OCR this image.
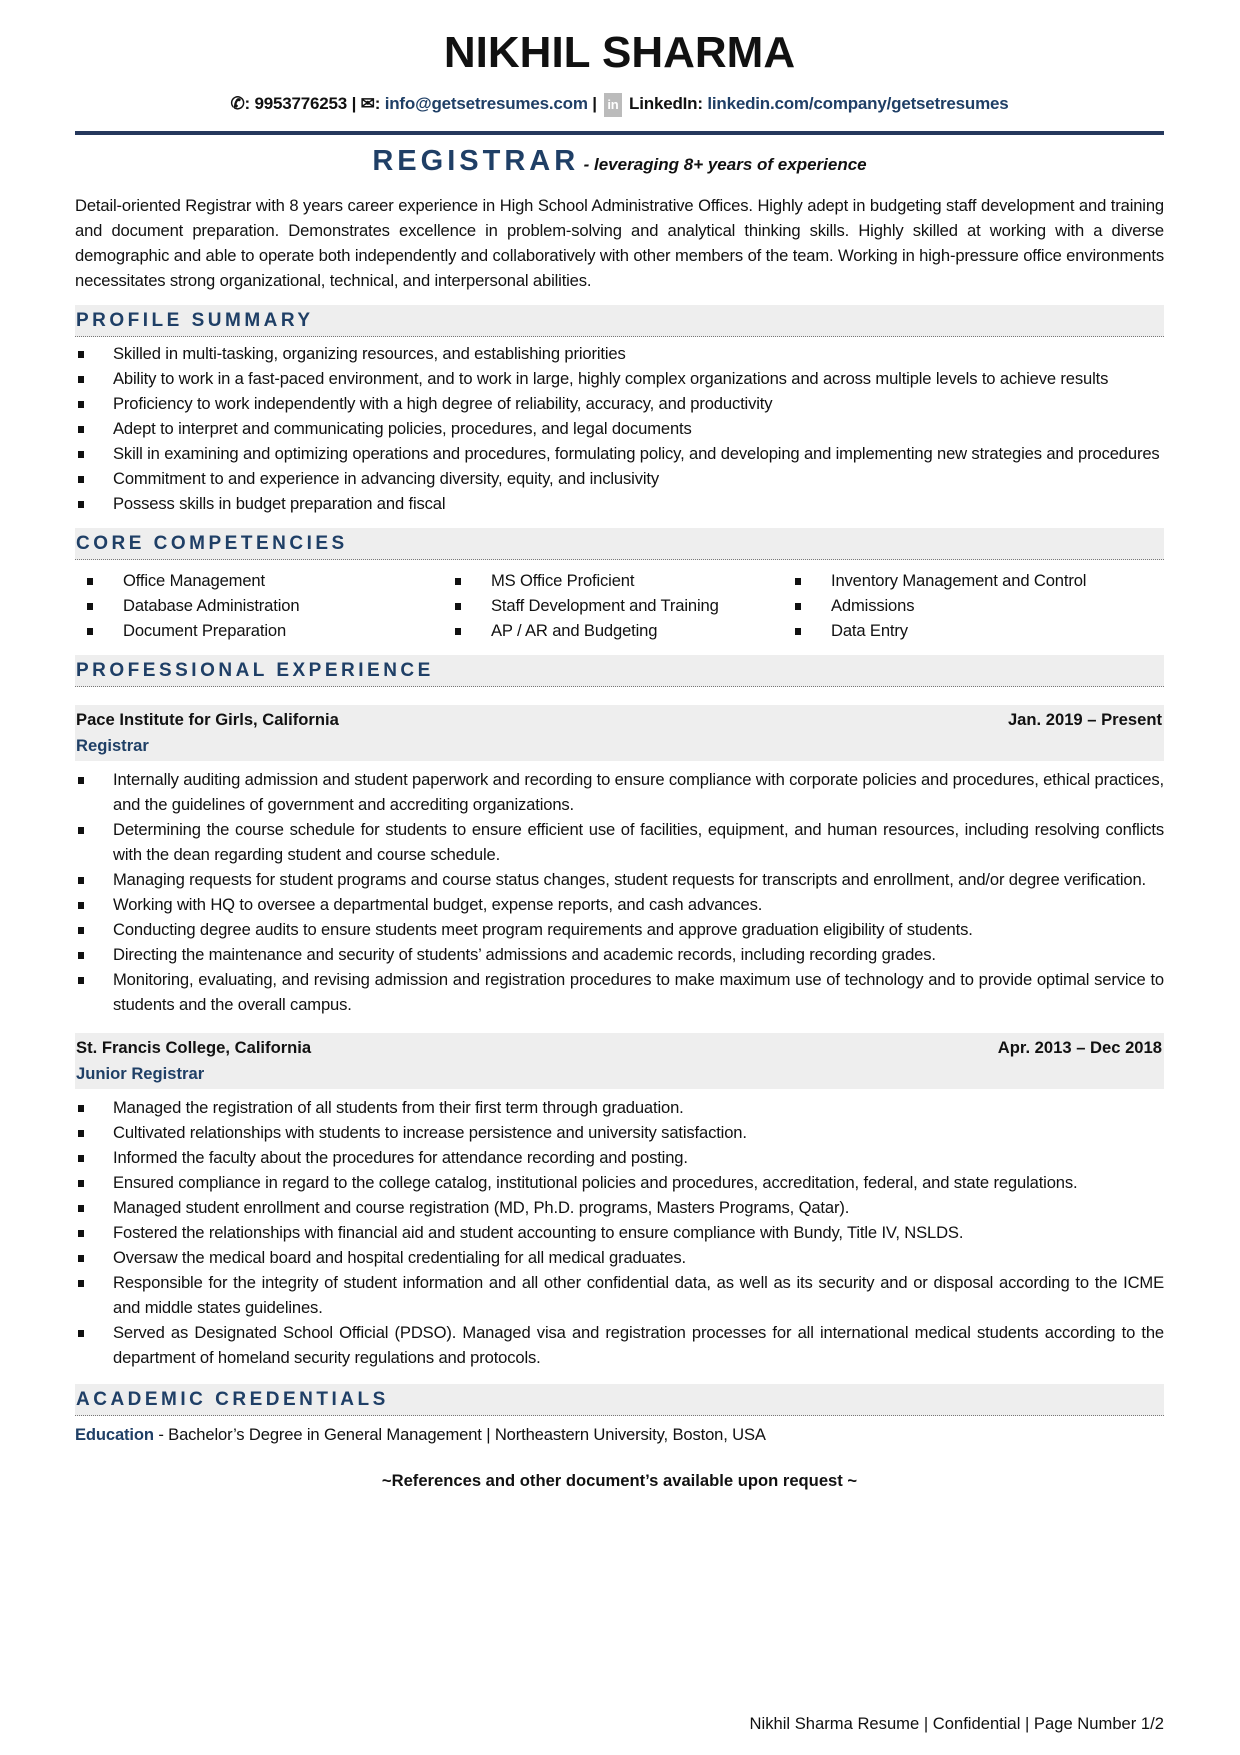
NIKHIL SHARMA
✆: 9953776253 | ✉: info@getsetresumes.com | in LinkedIn: linkedin.com/company/getsetresumes
REGISTRAR - leveraging 8+ years of experience

Detail-oriented Registrar with 8 years career experience in High School Administrative Offices. Highly adept in budgeting staff development and training and document preparation. Demonstrates excellence in problem-solving and analytical thinking skills. Highly skilled at working with a diverse demographic and able to operate both independently and collaboratively with other members of the team. Working in high-pressure office environments necessitates strong organizational, technical, and interpersonal abilities.

PROFILE SUMMARY
Skilled in multi-tasking, organizing resources, and establishing priorities
Ability to work in a fast-paced environment, and to work in large, highly complex organizations and across multiple levels to achieve results
Proficiency to work independently with a high degree of reliability, accuracy, and productivity
Adept to interpret and communicating policies, procedures, and legal documents
Skill in examining and optimizing operations and procedures, formulating policy, and developing and implementing new strategies and procedures
Commitment to and experience in advancing diversity, equity, and inclusivity
Possess skills in budget preparation and fiscal
CORE COMPETENCIES
Office Management
Database Administration
Document Preparation
MS Office Proficient
Staff Development and Training
AP / AR and Budgeting
Inventory Management and Control
Admissions
Data Entry
PROFESSIONAL EXPERIENCE
Pace Institute for Girls, California	Jan. 2019 – Present
Registrar
Internally auditing admission and student paperwork and recording to ensure compliance with corporate policies and procedures, ethical practices, and the guidelines of government and accrediting organizations.
Determining the course schedule for students to ensure efficient use of facilities, equipment, and human resources, including resolving conflicts with the dean regarding student and course schedule.
Managing requests for student programs and course status changes, student requests for transcripts and enrollment, and/or degree verification.
Working with HQ to oversee a departmental budget, expense reports, and cash advances.
Conducting degree audits to ensure students meet program requirements and approve graduation eligibility of students.
Directing the maintenance and security of students’ admissions and academic records, including recording grades.
Monitoring, evaluating, and revising admission and registration procedures to make maximum use of technology and to provide optimal service to students and the overall campus.
St. Francis College, California	Apr. 2013 – Dec 2018
Junior Registrar
Managed the registration of all students from their first term through graduation.
Cultivated relationships with students to increase persistence and university satisfaction.
Informed the faculty about the procedures for attendance recording and posting.
Ensured compliance in regard to the college catalog, institutional policies and procedures, accreditation, federal, and state regulations.
Managed student enrollment and course registration (MD, Ph.D. programs, Masters Programs, Qatar).
Fostered the relationships with financial aid and student accounting to ensure compliance with Bundy, Title IV, NSLDS.
Oversaw the medical board and hospital credentialing for all medical graduates.
Responsible for the integrity of student information and all other confidential data, as well as its security and or disposal according to the ICME and middle states guidelines.
Served as Designated School Official (PDSO). Managed visa and registration processes for all international medical students according to the department of homeland security regulations and protocols.
ACADEMIC CREDENTIALS
Education - Bachelor’s Degree in General Management | Northeastern University, Boston, USA
~References and other document’s available upon request ~
Nikhil Sharma Resume | Confidential | Page Number 1/2
